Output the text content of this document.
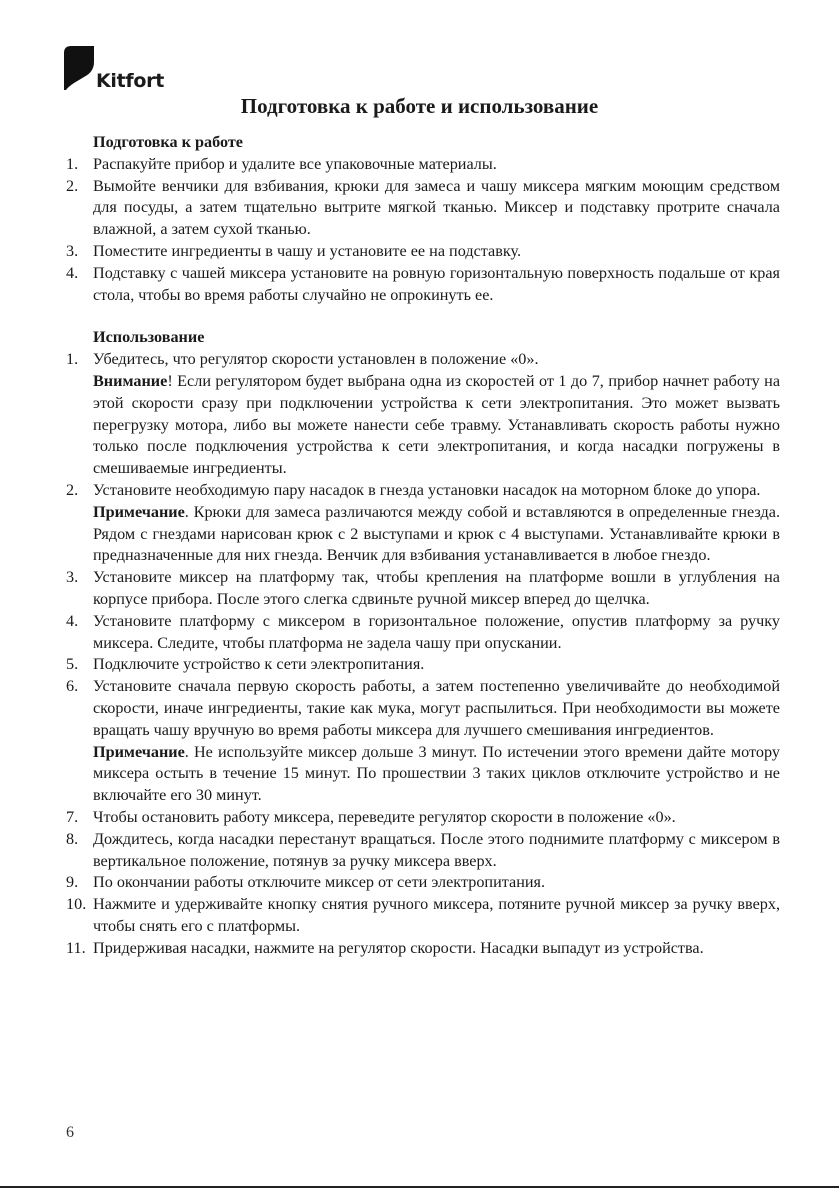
Kitfort
Подготовка к работе и использование
Подготовка к работе
1. Распакуйте прибор и удалите все упаковочные материалы.

2. Вымойте венчики для взбивания, крюки для замеса и чашу миксера мягким моющим средством для посуды, а затем тщательно вытрите мягкой тканью. Миксер и подставку протрите сначала влажной, а затем сухой тканью.

3. Поместите ингредиенты в чашу и установите ее на подставку.

4. Подставку с чашей миксера установите на ровную горизонтальную поверхность подальше от края стола, чтобы во время работы случайно не опрокинуть ее.

Использование
1. Убедитесь, что регулятор скорости установлен в положение «0».

Внимание! Если регулятором будет выбрана одна из скоростей от 1 до 7, прибор начнет работу на этой скорости сразу при подключении устройства к сети электропитания. Это может вызвать перегрузку мотора, либо вы можете нанести себе травму. Устанавливать скорость работы нужно только после подключения устройства к сети электропитания, и когда насадки погружены в смешиваемые ингредиенты.

2. Установите необходимую пару насадок в гнезда установки насадок на моторном блоке до упора.

Примечание. Крюки для замеса различаются между собой и вставляются в определенные гнезда. Рядом с гнездами нарисован крюк с 2 выступами и крюк с 4 выступами. Устанавливайте крюки в предназначенные для них гнезда. Венчик для взбивания устанавливается в любое гнездо.

3. Установите миксер на платформу так, чтобы крепления на платформе вошли в углубления на корпусе прибора. После этого слегка сдвиньте ручной миксер вперед до щелчка.

4. Установите платформу с миксером в горизонтальное положение, опустив платформу за ручку миксера. Следите, чтобы платформа не задела чашу при опускании.

5. Подключите устройство к сети электропитания.

6. Установите сначала первую скорость работы, а затем постепенно увеличивайте до необходимой скорости, иначе ингредиенты, такие как мука, могут распылиться. При необходимости вы можете вращать чашу вручную во время работы миксера для лучшего смешивания ингредиентов.

Примечание. Не используйте миксер дольше 3 минут. По истечении этого времени дайте мотору миксера остыть в течение 15 минут. По прошествии 3 таких циклов отключите устройство и не включайте его 30 минут.

7. Чтобы остановить работу миксера, переведите регулятор скорости в положение «0».

8. Дождитесь, когда насадки перестанут вращаться. После этого поднимите платформу с миксером в вертикальное положение, потянув за ручку миксера вверх.

9. По окончании работы отключите миксер от сети электропитания.

10. Нажмите и удерживайте кнопку снятия ручного миксера, потяните ручной миксер за ручку вверх, чтобы снять его с платформы.

11. Придерживая насадки, нажмите на регулятор скорости. Насадки выпадут из устройства.

6
